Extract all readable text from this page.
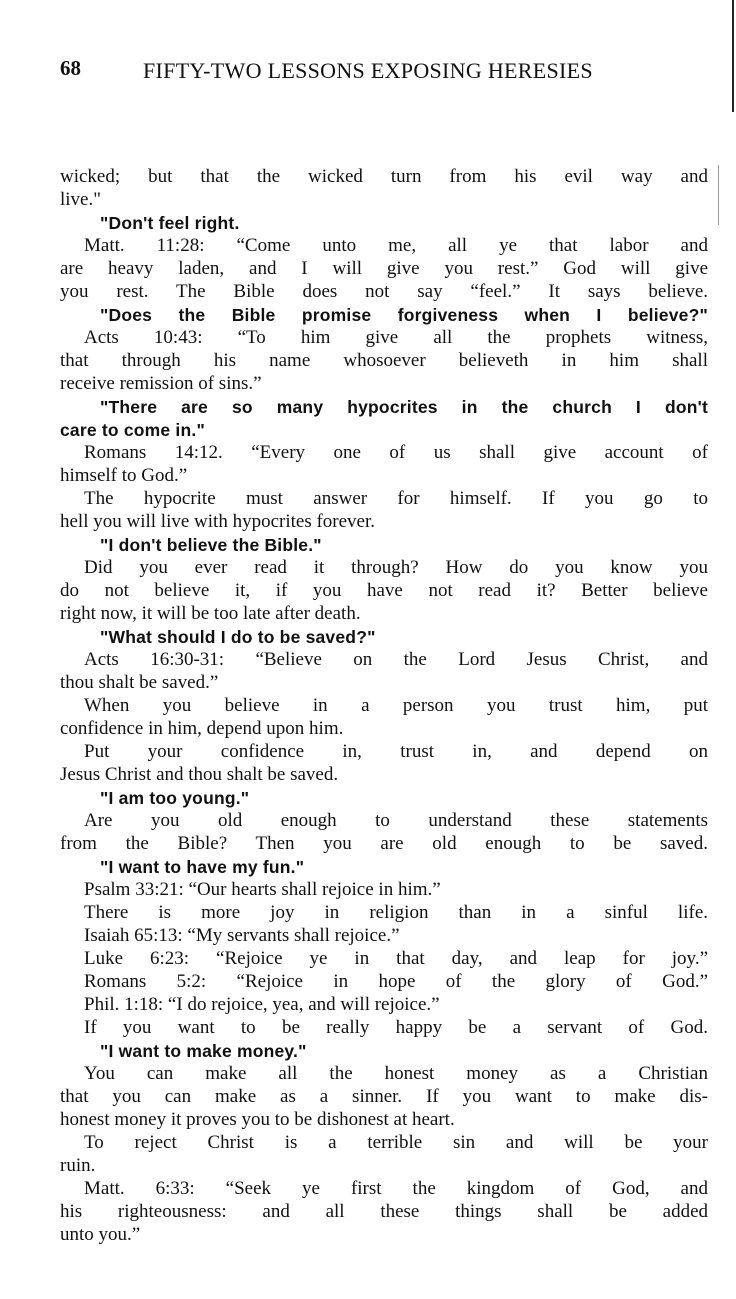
68	FIFTY-TWO LESSONS EXPOSING HERESIES
wicked; but that the wicked turn from his evil way and
live."
"Don't feel right.
Matt. 11:28: “Come unto me, all ye that labor and
are heavy laden, and I will give you rest.” God will give
you rest. The Bible does not say “feel.” It says believe.
"Does the Bible promise forgiveness when I believe?"
Acts 10:43: “To him give all the prophets witness,
that through his name whosoever believeth in him shall
receive remission of sins.”
"There are so many hypocrites in the church I don't
care to come in."
Romans 14:12. “Every one of us shall give account of
himself to God.”
The hypocrite must answer for himself. If you go to
hell you will live with hypocrites forever.
"I don't believe the Bible."
Did you ever read it through? How do you know you
do not believe it, if you have not read it? Better believe
right now, it will be too late after death.
"What should I do to be saved?"
Acts 16:30-31: “Believe on the Lord Jesus Christ, and
thou shalt be saved.”
When you believe in a person you trust him, put
confidence in him, depend upon him.
Put your confidence in, trust in, and depend on
Jesus Christ and thou shalt be saved.
"I am too young."
Are you old enough to understand these statements
from the Bible? Then you are old enough to be saved.
"I want to have my fun."
Psalm 33:21: “Our hearts shall rejoice in him.”
There is more joy in religion than in a sinful life.
Isaiah 65:13: “My servants shall rejoice.”
Luke 6:23: “Rejoice ye in that day, and leap for joy.”
Romans 5:2: “Rejoice in hope of the glory of God.”
Phil. 1:18: “I do rejoice, yea, and will rejoice.”
If you want to be really happy be a servant of God.
"I want to make money."
You can make all the honest money as a Christian
that you can make as a sinner. If you want to make dis-
honest money it proves you to be dishonest at heart.
To reject Christ is a terrible sin and will be your
ruin.
Matt. 6:33: “Seek ye first the kingdom of God, and
his righteousness: and all these things shall be added
unto you.”
